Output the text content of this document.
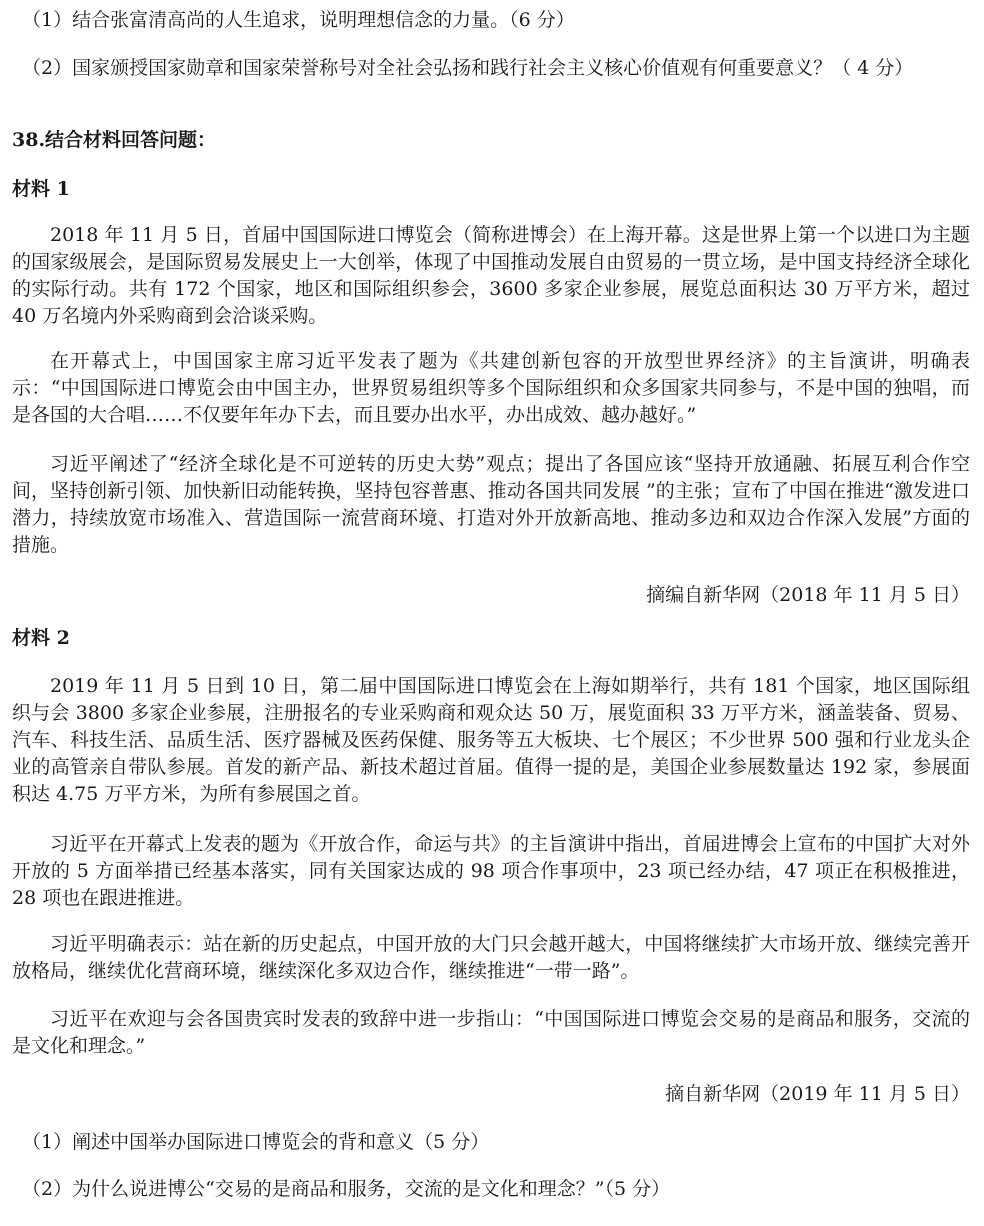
（1）结合张富清高尚的人生追求，说明理想信念的力量。（6 分）
（2）国家颁授国家勋章和国家荣誉称号对全社会弘扬和践行社会主义核心价值观有何重要意义？（ 4 分）
38.结合材料回答问题：
材料 1

2018 年 11 月 5 日，首届中国国际进口博览会（简称进博会）在上海开幕。这是世界上第一个以进口为主题的国家级展会，是国际贸易发展史上一大创举，体现了中国推动发展自由贸易的一贯立场，是中国支持经济全球化的实际行动。共有 172 个国家，地区和国际组织参会，3600 多家企业参展，展览总面积达 30 万平方米，超过 40 万名境内外采购商到会洽谈采购。

在开幕式上，中国国家主席习近平发表了题为《共建创新包容的开放型世界经济》的主旨演讲，明确表示：“中国国际进口博览会由中国主办，世界贸易组织等多个国际组织和众多国家共同参与，不是中国的独唱，而是各国的大合唱……不仅要年年办下去，而且要办出水平，办出成效、越办越好。”

习近平阐述了“经济全球化是不可逆转的历史大势”观点；提出了各国应该“坚持开放通融、拓展互利合作空间，坚持创新引领、加快新旧动能转换，坚持包容普惠、推动各国共同发展 ”的主张；宣布了中国在推进“激发进口潜力，持续放宽市场准入、营造国际一流营商环境、打造对外开放新高地、推动多边和双边合作深入发展”方面的措施。

摘编自新华网（2018 年 11 月 5 日）
材料 2

2019 年 11 月 5 日到 10 日，第二届中国国际进口博览会在上海如期举行，共有 181 个国家，地区国际组织与会 3800 多家企业参展，注册报名的专业采购商和观众达 50 万，展览面积 33 万平方米，涵盖装备、贸易、汽车、科技生活、品质生活、医疗器械及医药保健、服务等五大板块、七个展区；不少世界 500 强和行业龙头企业的高管亲自带队参展。首发的新产品、新技术超过首届。值得一提的是，美国企业参展数量达 192 家，参展面积达 4.75 万平方米，为所有参展国之首。

习近平在开幕式上发表的题为《开放合作，命运与共》的主旨演讲中指出，首届进博会上宣布的中国扩大对外开放的 5 方面举措已经基本落实，同有关国家达成的 98 项合作事项中，23 项已经办结，47 项正在积极推进，28 项也在跟进推进。

习近平明确表示：站在新的历史起点，中国开放的大门只会越开越大，中国将继续扩大市场开放、继续完善开放格局，继续优化营商环境，继续深化多双边合作，继续推进“一带一路”。

习近平在欢迎与会各国贵宾时发表的致辞中进一步指山：“中国国际进口博览会交易的是商品和服务，交流的是文化和理念。”

摘自新华网（2019 年 11 月 5 日）
（1）阐述中国举办国际进口博览会的背和意义（5 分）
（2）为什么说进博公“交易的是商品和服务，交流的是文化和理念？”（5 分）
